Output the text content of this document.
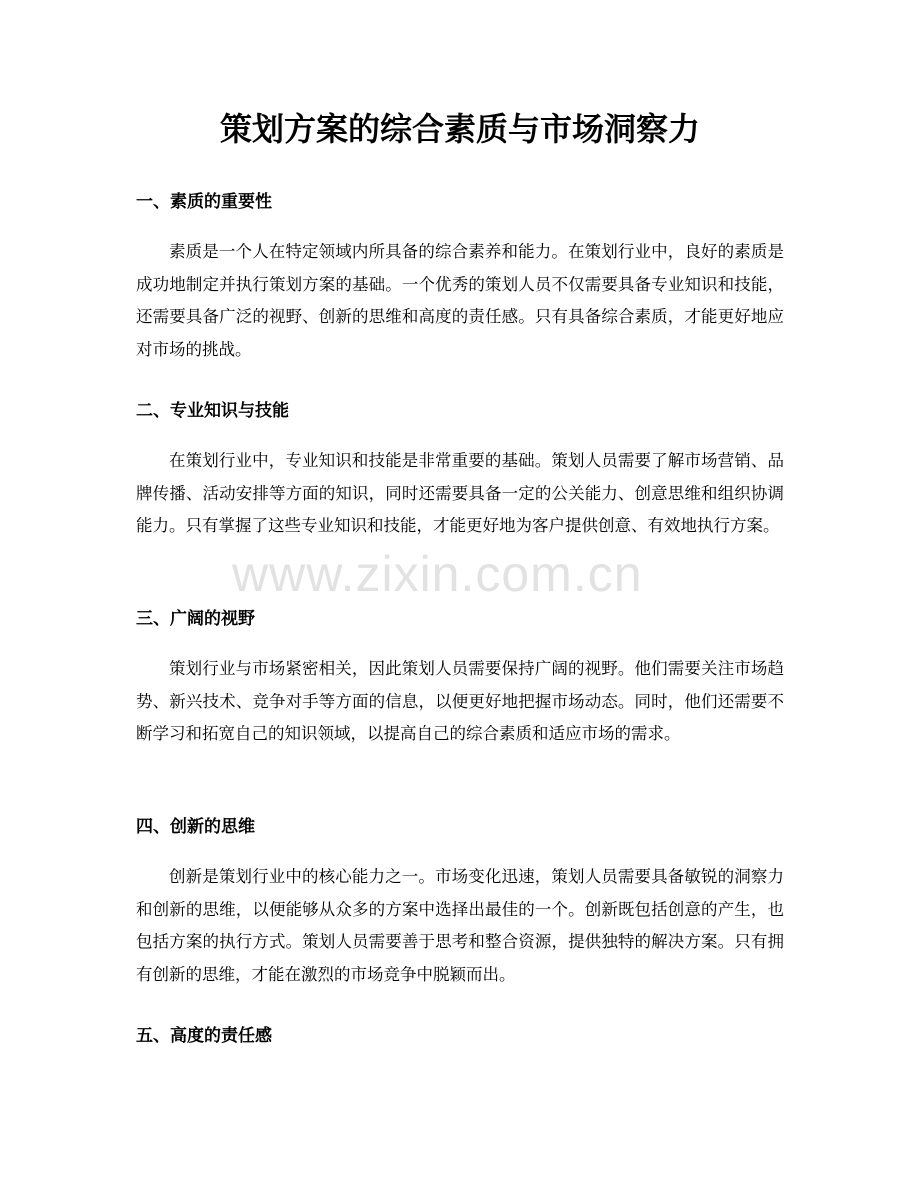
策划方案的综合素质与市场洞察力
一、素质的重要性

素质是一个人在特定领域内所具备的综合素养和能力。在策划行业中，良好的素质是成功地制定并执行策划方案的基础。一个优秀的策划人员不仅需要具备专业知识和技能，还需要具备广泛的视野、创新的思维和高度的责任感。只有具备综合素质，才能更好地应对市场的挑战。

二、专业知识与技能

在策划行业中，专业知识和技能是非常重要的基础。策划人员需要了解市场营销、品牌传播、活动安排等方面的知识，同时还需要具备一定的公关能力、创意思维和组织协调能力。只有掌握了这些专业知识和技能，才能更好地为客户提供创意、有效地执行方案。

三、广阔的视野

策划行业与市场紧密相关，因此策划人员需要保持广阔的视野。他们需要关注市场趋势、新兴技术、竞争对手等方面的信息，以便更好地把握市场动态。同时，他们还需要不断学习和拓宽自己的知识领域，以提高自己的综合素质和适应市场的需求。

四、创新的思维

创新是策划行业中的核心能力之一。市场变化迅速，策划人员需要具备敏锐的洞察力和创新的思维，以便能够从众多的方案中选择出最佳的一个。创新既包括创意的产生，也包括方案的执行方式。策划人员需要善于思考和整合资源，提供独特的解决方案。只有拥有创新的思维，才能在激烈的市场竞争中脱颖而出。

五、高度的责任感
www.zixin.com.cn
